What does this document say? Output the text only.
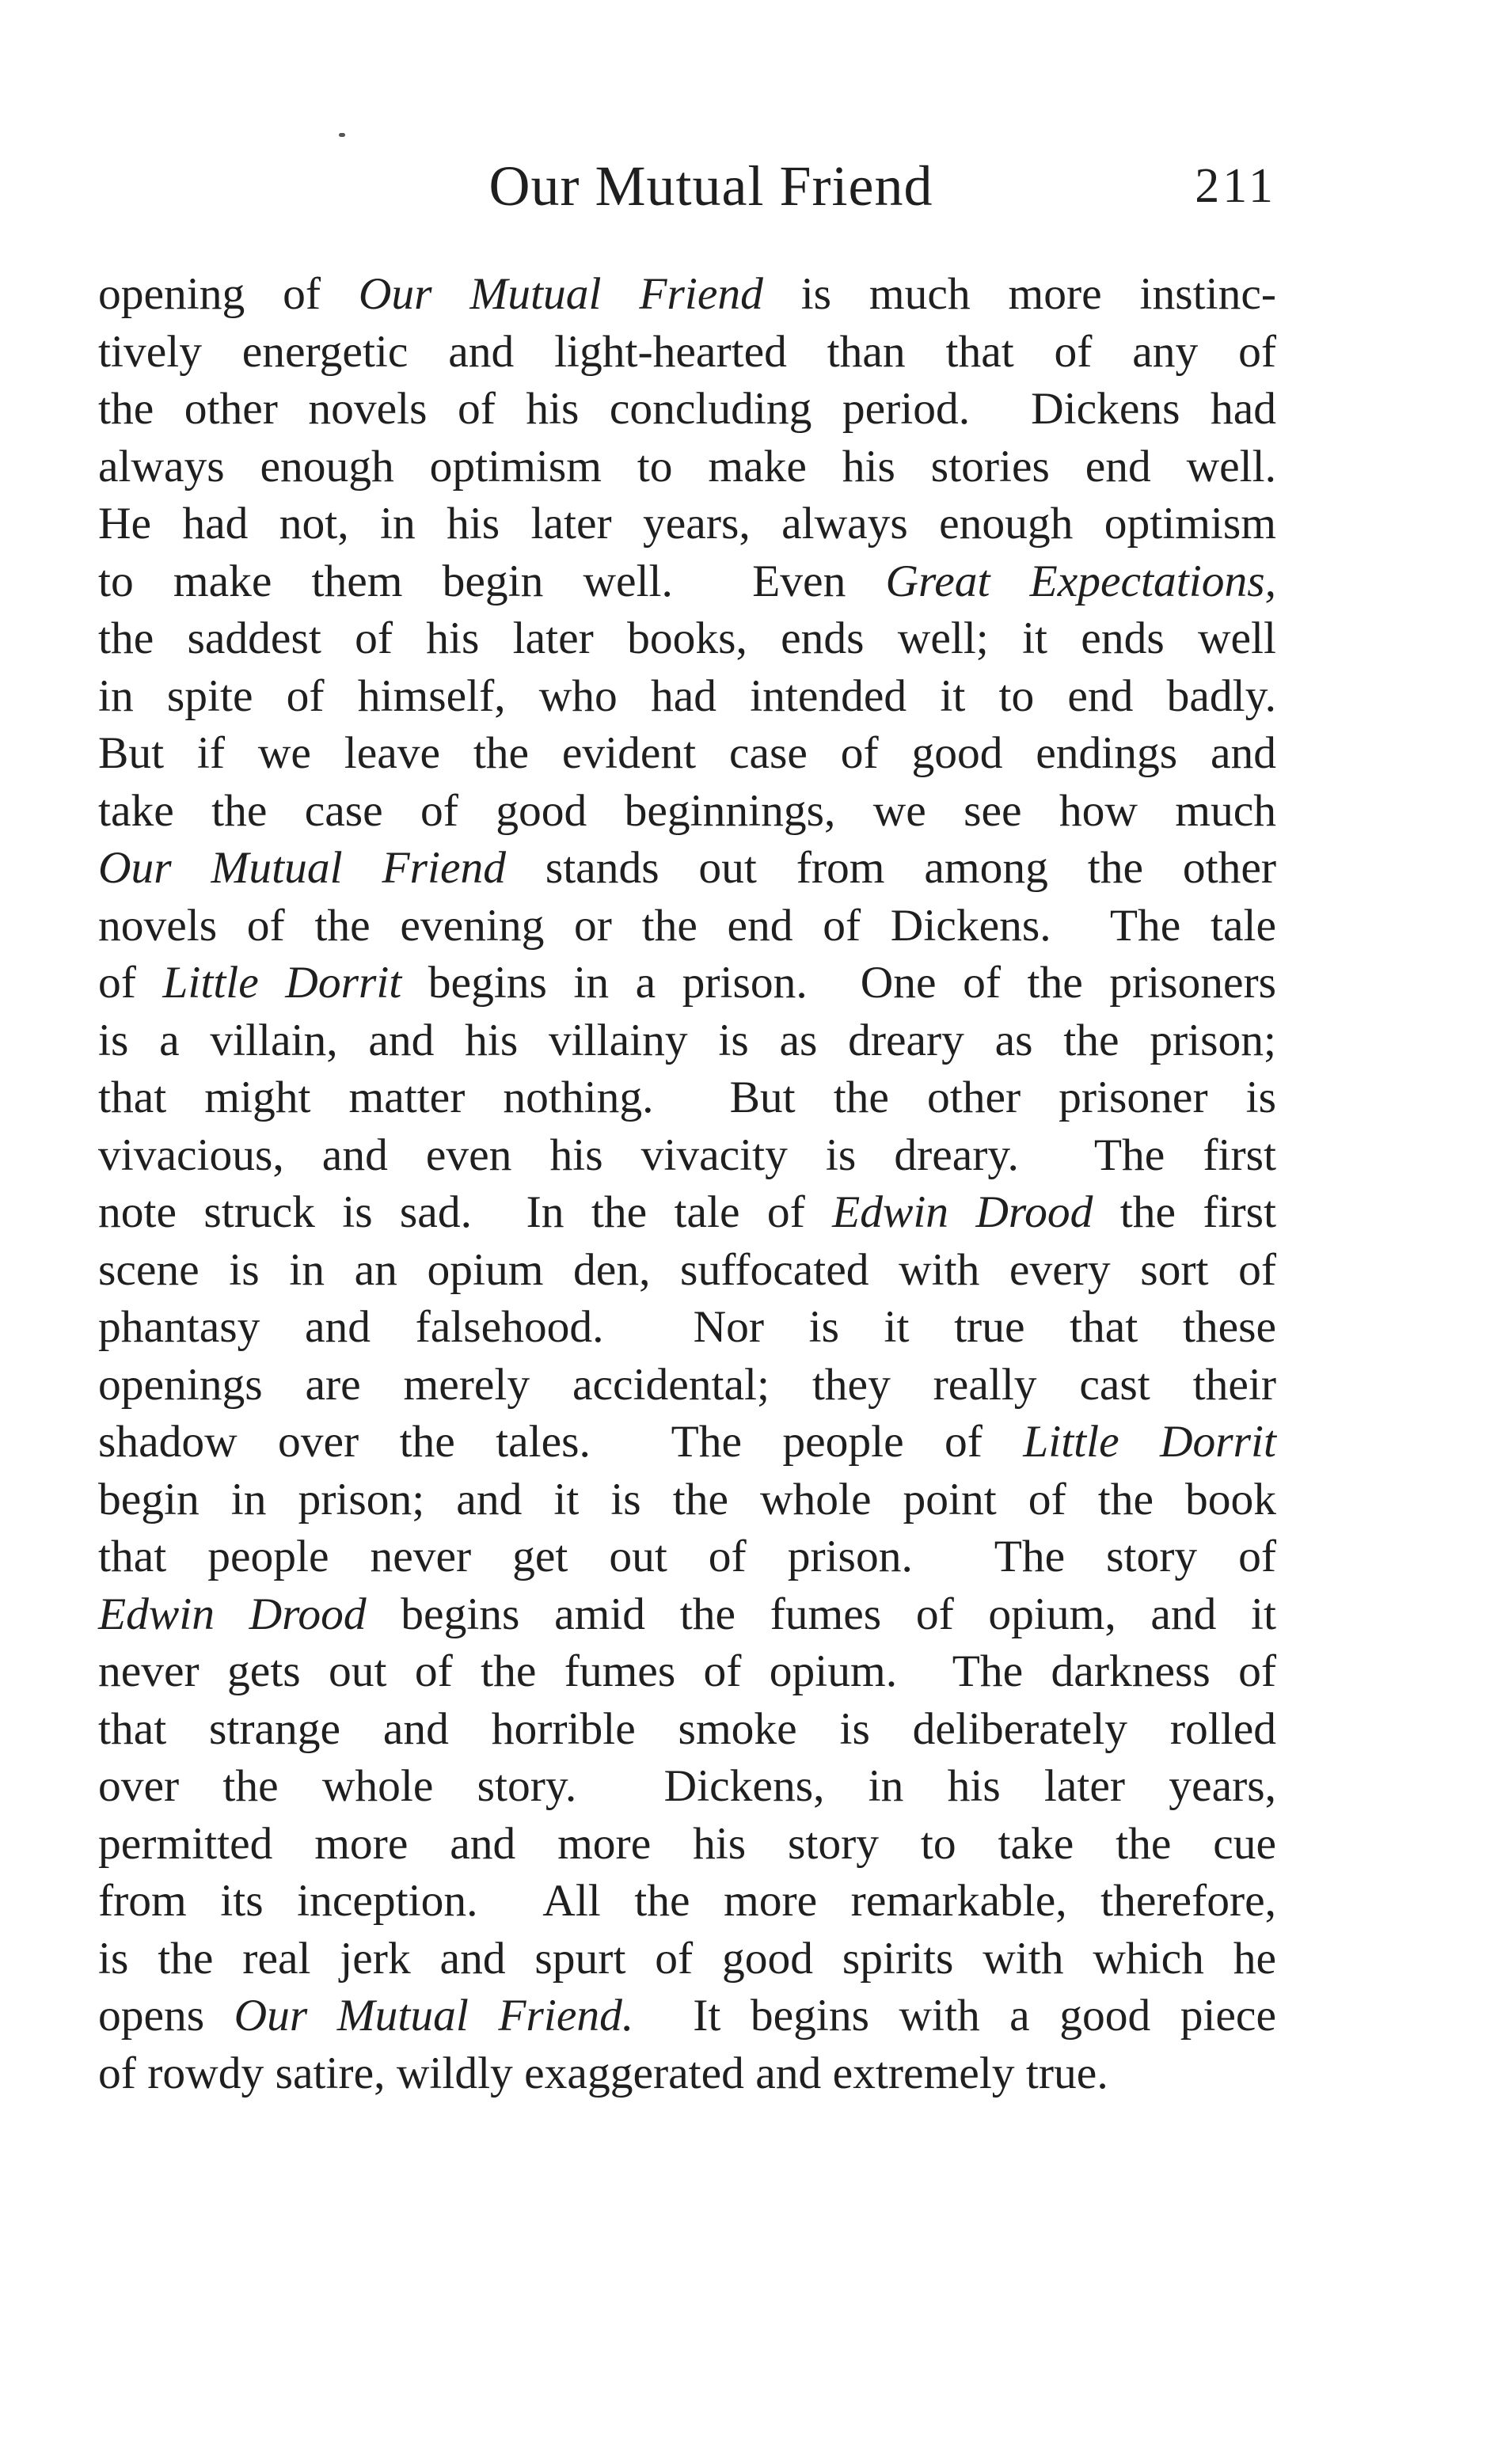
Our Mutual Friend	211
opening of Our Mutual Friend is much more instinc-
tively energetic and light-hearted than that of any of
the other novels of his concluding period.  Dickens had
always enough optimism to make his stories end well.
He had not, in his later years, always enough optimism
to make them begin well.  Even Great Expectations,
the saddest of his later books, ends well; it ends well
in spite of himself, who had intended it to end badly.
But if we leave the evident case of good endings and
take the case of good beginnings, we see how much
Our Mutual Friend stands out from among the other
novels of the evening or the end of Dickens.  The tale
of Little Dorrit begins in a prison.  One of the prisoners
is a villain, and his villainy is as dreary as the prison;
that might matter nothing.  But the other prisoner is
vivacious, and even his vivacity is dreary.  The first
note struck is sad.  In the tale of Edwin Drood the first
scene is in an opium den, suffocated with every sort of
phantasy and falsehood.  Nor is it true that these
openings are merely accidental; they really cast their
shadow over the tales.  The people of Little Dorrit
begin in prison; and it is the whole point of the book
that people never get out of prison.  The story of
Edwin Drood begins amid the fumes of opium, and it
never gets out of the fumes of opium.  The darkness of
that strange and horrible smoke is deliberately rolled
over the whole story.  Dickens, in his later years,
permitted more and more his story to take the cue
from its inception.  All the more remarkable, therefore,
is the real jerk and spurt of good spirits with which he
opens Our Mutual Friend.  It begins with a good piece
of rowdy satire, wildly exaggerated and extremely true.
